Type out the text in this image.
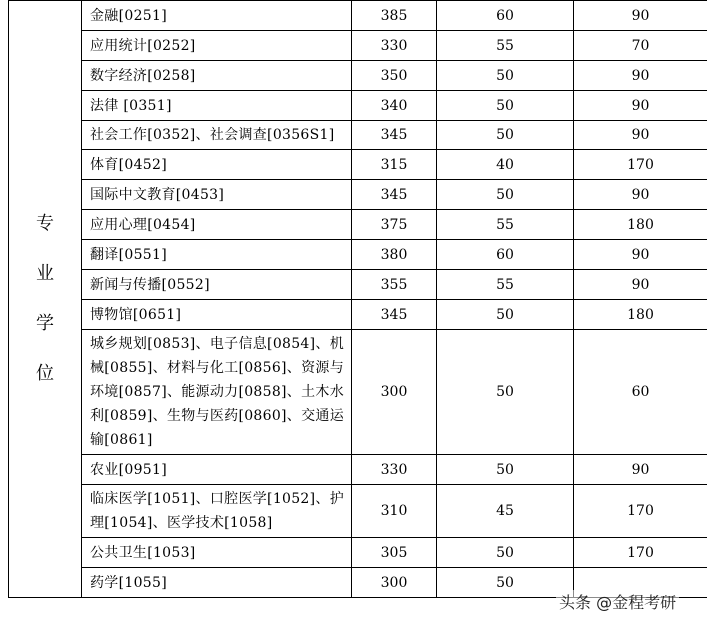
专
业
学
位	金融[0251]	385	60	90
	应用统计[0252]	330	55	70
	数字经济[0258]	350	50	90
	法律 [0351]	340	50	90
	社会工作[0352]、社会调查[0356S1]	345	50	90
	体育[0452]	315	40	170
	国际中文教育[0453]	345	50	90
	应用心理[0454]	375	55	180
	翻译[0551]	380	60	90
	新闻与传播[0552]	355	55	90
	博物馆[0651]	345	50	180
	城乡规划[0853]、电子信息[0854]、机械[0855]、材料与化工[0856]、资源与环境[0857]、能源动力[0858]、土木水利[0859]、生物与医药[0860]、交通运输[0861]	300	50	60
	农业[0951]	330	50	90
	临床医学[1051]、口腔医学[1052]、护理[1054]、医学技术[1058]	310	45	170
	公共卫生[1053]	305	50	170
	药学[1055]	300	50	
头条 @金程考研
